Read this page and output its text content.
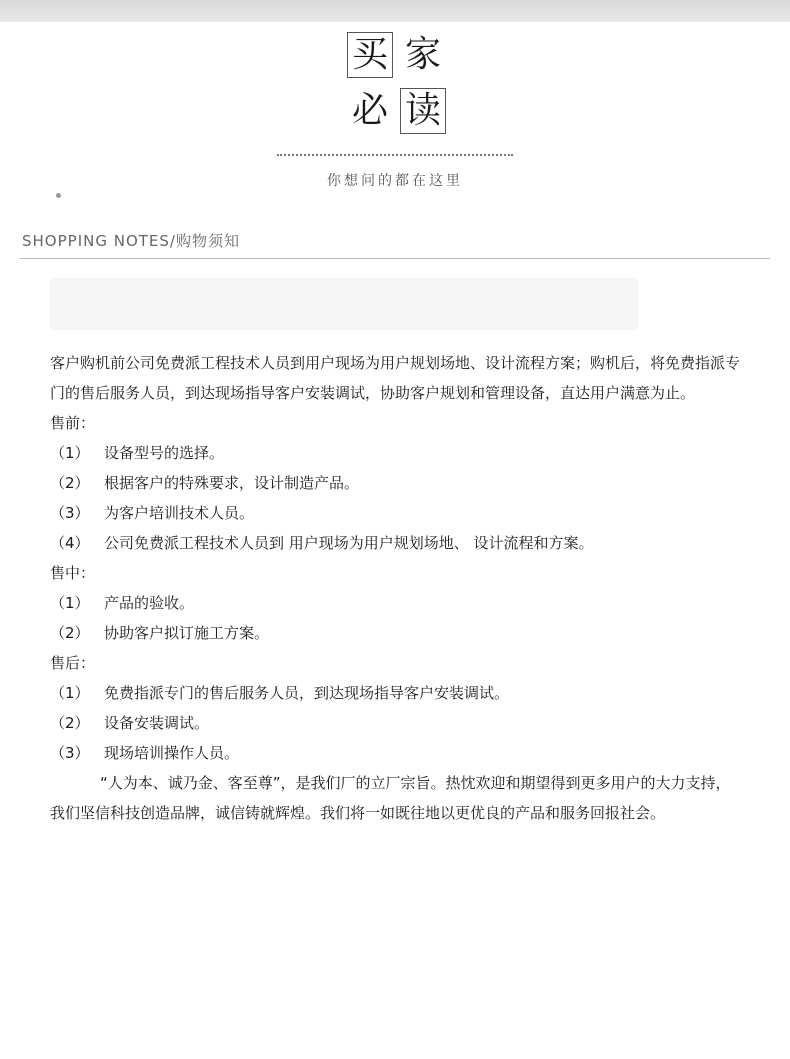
买 家
必 读
你想问的都在这里
SHOPPING NOTES/购物须知

客户购机前公司免费派工程技术人员到用户现场为用户规划场地、设计流程方案；购机后，将免费指派专门的售后服务人员，到达现场指导客户安装调试，协助客户规划和管理设备，直达用户满意为止。

售前：

（1） 设备型号的选择。
（2） 根据客户的特殊要求，设计制造产品。
（3） 为客户培训技术人员。
（4） 公司免费派工程技术人员到 用户现场为用户规划场地、 设计流程和方案。

售中：

（1） 产品的验收。
（2） 协助客户拟订施工方案。

售后：

（1） 免费指派专门的售后服务人员，到达现场指导客户安装调试。
（2） 设备安装调试。
（3） 现场培训操作人员。

“人为本、诚乃金、客至尊”，是我们厂的立厂宗旨。热忱欢迎和期望得到更多用户的大力支持，我们坚信科技创造品牌，诚信铸就辉煌。我们将一如既往地以更优良的产品和服务回报社会。
